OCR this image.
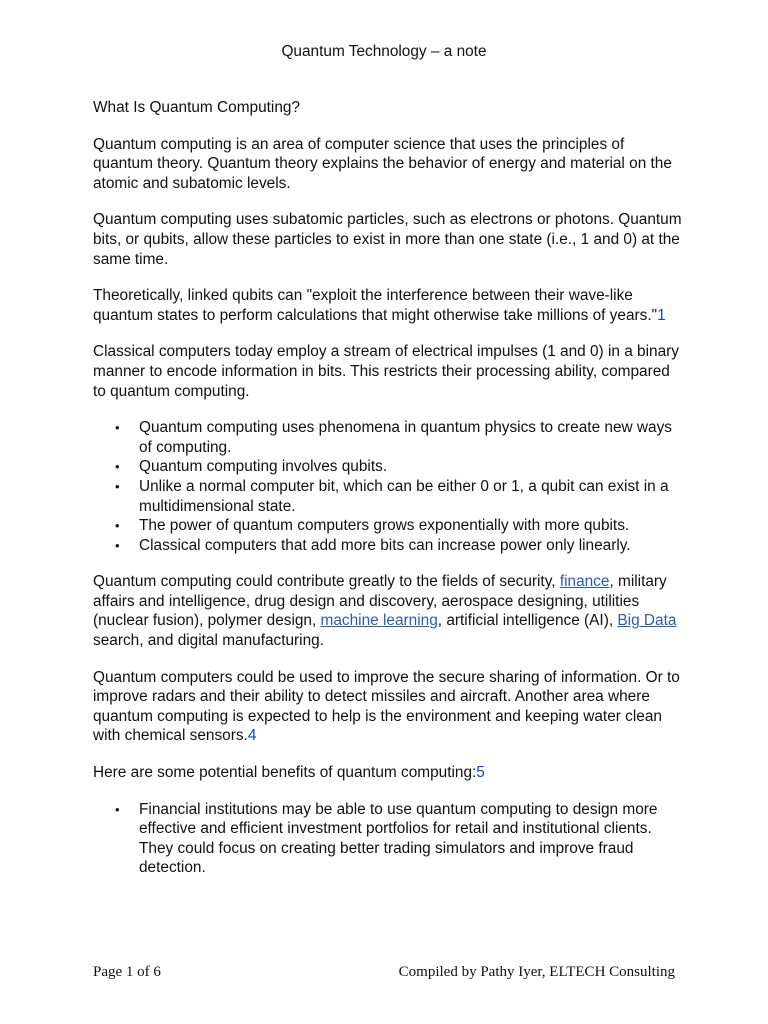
Quantum Technology – a note

What Is Quantum Computing?

Quantum computing is an area of computer science that uses the principles of quantum theory. Quantum theory explains the behavior of energy and material on the atomic and subatomic levels.

Quantum computing uses subatomic particles, such as electrons or photons. Quantum bits, or qubits, allow these particles to exist in more than one state (i.e., 1 and 0) at the same time.

Theoretically, linked qubits can "exploit the interference between their wave-like quantum states to perform calculations that might otherwise take millions of years."1

Classical computers today employ a stream of electrical impulses (1 and 0) in a binary manner to encode information in bits. This restricts their processing ability, compared to quantum computing.

• Quantum computing uses phenomena in quantum physics to create new ways of computing.
• Quantum computing involves qubits.
• Unlike a normal computer bit, which can be either 0 or 1, a qubit can exist in a multidimensional state.
• The power of quantum computers grows exponentially with more qubits.
• Classical computers that add more bits can increase power only linearly.

Quantum computing could contribute greatly to the fields of security, finance, military affairs and intelligence, drug design and discovery, aerospace designing, utilities (nuclear fusion), polymer design, machine learning, artificial intelligence (AI), Big Data search, and digital manufacturing.

Quantum computers could be used to improve the secure sharing of information. Or to improve radars and their ability to detect missiles and aircraft. Another area where quantum computing is expected to help is the environment and keeping water clean with chemical sensors.4

Here are some potential benefits of quantum computing:5

• Financial institutions may be able to use quantum computing to design more effective and efficient investment portfolios for retail and institutional clients. They could focus on creating better trading simulators and improve fraud detection.
Page 1 of 6	Compiled by Pathy Iyer, ELTECH Consulting
